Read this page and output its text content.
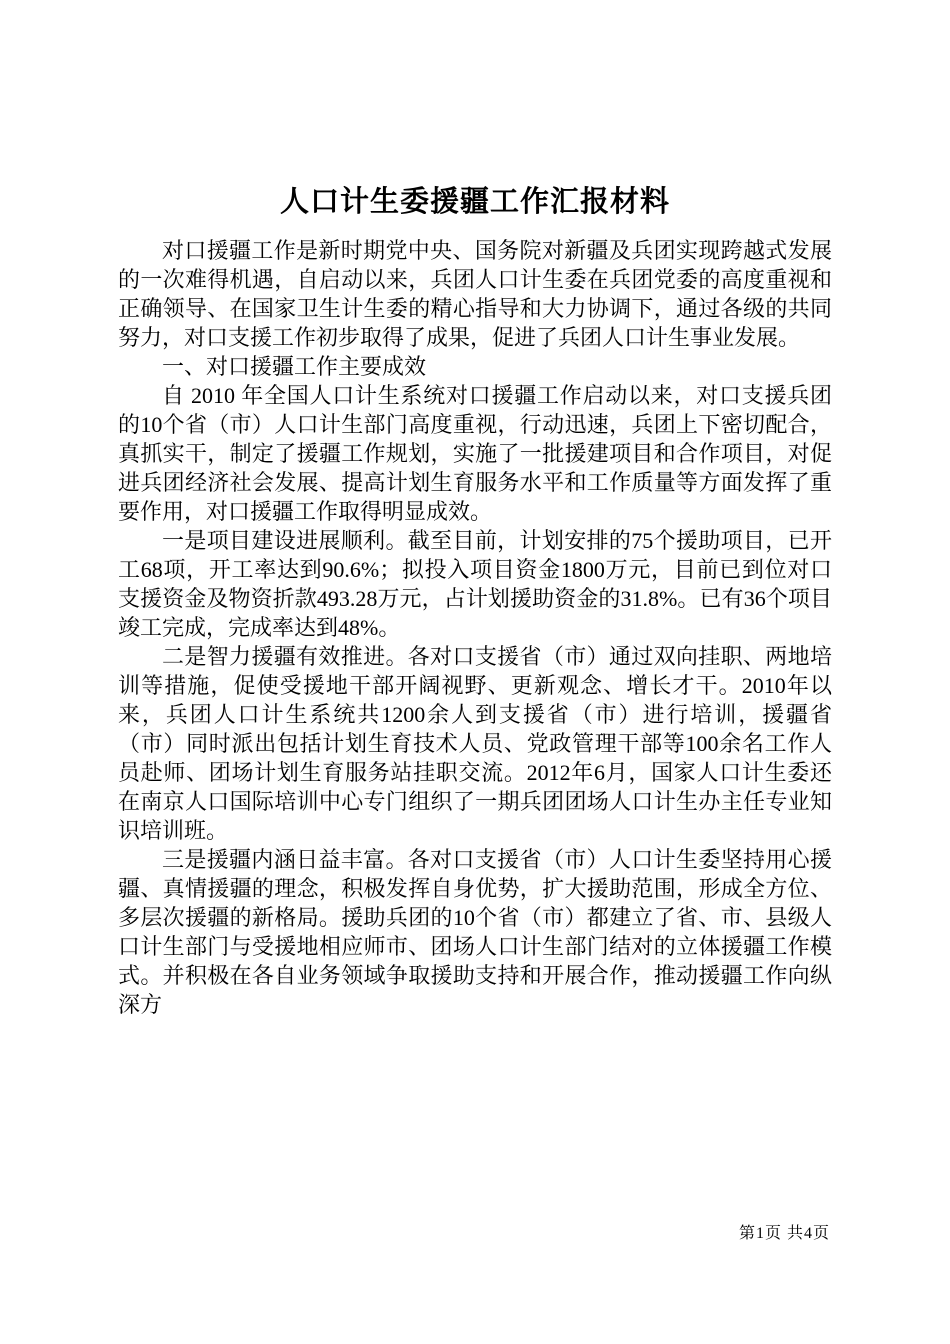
人口计生委援疆工作汇报材料

对口援疆工作是新时期党中央、国务院对新疆及兵团实现跨越式发展的一次难得机遇，自启动以来，兵团人口计生委在兵团党委的高度重视和正确领导、在国家卫生计生委的精心指导和大力协调下，通过各级的共同努力，对口支援工作初步取得了成果，促进了兵团人口计生事业发展。

一、对口援疆工作主要成效

自 2010 年全国人口计生系统对口援疆工作启动以来，对口支援兵团的10个省（市）人口计生部门高度重视，行动迅速，兵团上下密切配合，真抓实干，制定了援疆工作规划，实施了一批援建项目和合作项目，对促进兵团经济社会发展、提高计划生育服务水平和工作质量等方面发挥了重要作用，对口援疆工作取得明显成效。

一是项目建设进展顺利。截至目前，计划安排的75个援助项目，已开工68项，开工率达到90.6%；拟投入项目资金1800万元，目前已到位对口支援资金及物资折款493.28万元，占计划援助资金的31.8%。已有36个项目竣工完成，完成率达到48%。

二是智力援疆有效推进。各对口支援省（市）通过双向挂职、两地培训等措施，促使受援地干部开阔视野、更新观念、增长才干。2010年以来，兵团人口计生系统共1200余人到支援省（市）进行培训，援疆省（市）同时派出包括计划生育技术人员、党政管理干部等100余名工作人员赴师、团场计划生育服务站挂职交流。2012年6月，国家人口计生委还在南京人口国际培训中心专门组织了一期兵团团场人口计生办主任专业知识培训班。

三是援疆内涵日益丰富。各对口支援省（市）人口计生委坚持用心援疆、真情援疆的理念，积极发挥自身优势，扩大援助范围，形成全方位、多层次援疆的新格局。援助兵团的10个省（市）都建立了省、市、县级人口计生部门与受援地相应师市、团场人口计生部门结对的立体援疆工作模式。并积极在各自业务领域争取援助支持和开展合作，推动援疆工作向纵深方

第1页 共4页
